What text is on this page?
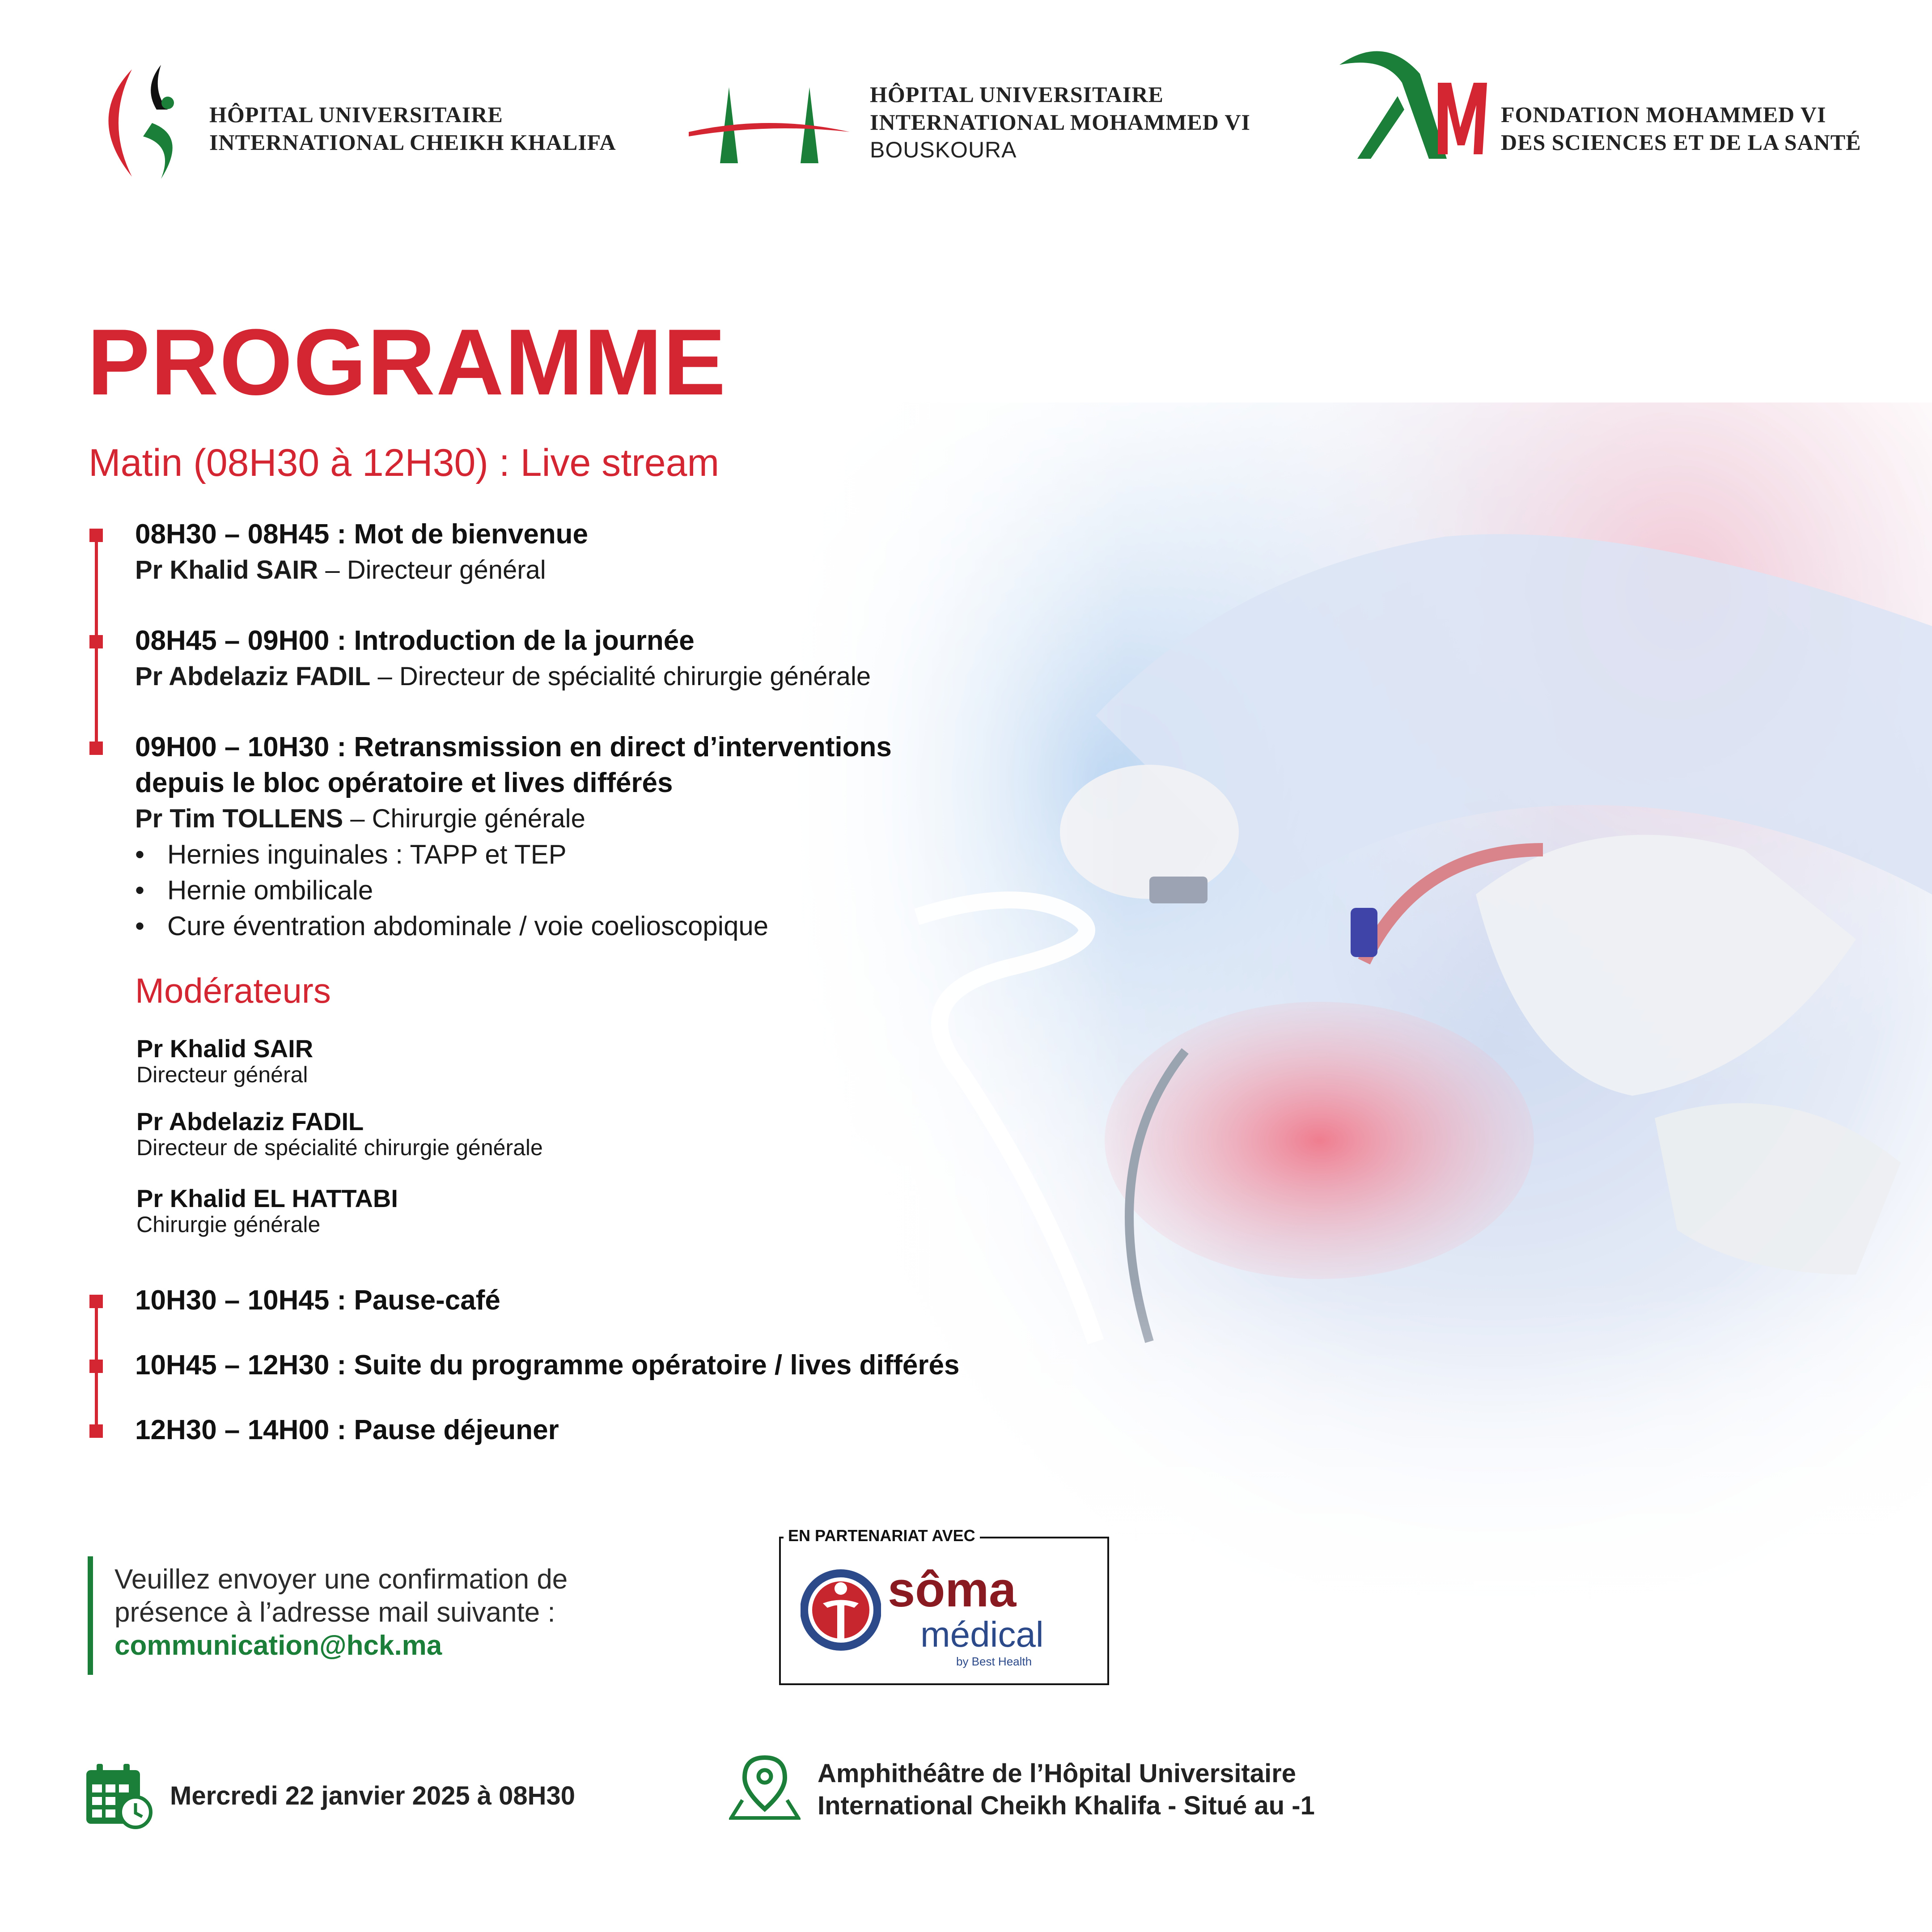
HÔPITAL UNIVERSITAIRE
INTERNATIONAL CHEIKH KHALIFA
HÔPITAL UNIVERSITAIRE
INTERNATIONAL MOHAMMED VI
BOUSKOURA
FONDATION MOHAMMED VI
DES SCIENCES ET DE LA SANTÉ
PROGRAMME
Matin (08H30 à 12H30) : Live stream
08H30 – 08H45 : Mot de bienvenue
Pr Khalid SAIR – Directeur général
08H45 – 09H00 : Introduction de la journée
Pr Abdelaziz FADIL – Directeur de spécialité chirurgie générale
09H00 – 10H30 : Retransmission en direct d’interventions
depuis le bloc opératoire et lives différés
Pr Tim TOLLENS – Chirurgie générale
• Hernies inguinales : TAPP et TEP
• Hernie ombilicale
• Cure éventration abdominale / voie coelioscopique
Modérateurs
Pr Khalid SAIR
Directeur général
Pr Abdelaziz FADIL
Directeur de spécialité chirurgie générale
Pr Khalid EL HATTABI
Chirurgie générale
10H30 – 10H45 : Pause-café
10H45 – 12H30 : Suite du programme opératoire / lives différés
12H30 – 14H00 : Pause déjeuner
Veuillez envoyer une confirmation de
présence à l’adresse mail suivante :
communication@hck.ma
EN PARTENARIAT AVEC
sôma
médical
by Best Health
Mercredi 22 janvier 2025 à 08H30
Amphithéâtre de l’Hôpital Universitaire
International Cheikh Khalifa - Situé au -1
